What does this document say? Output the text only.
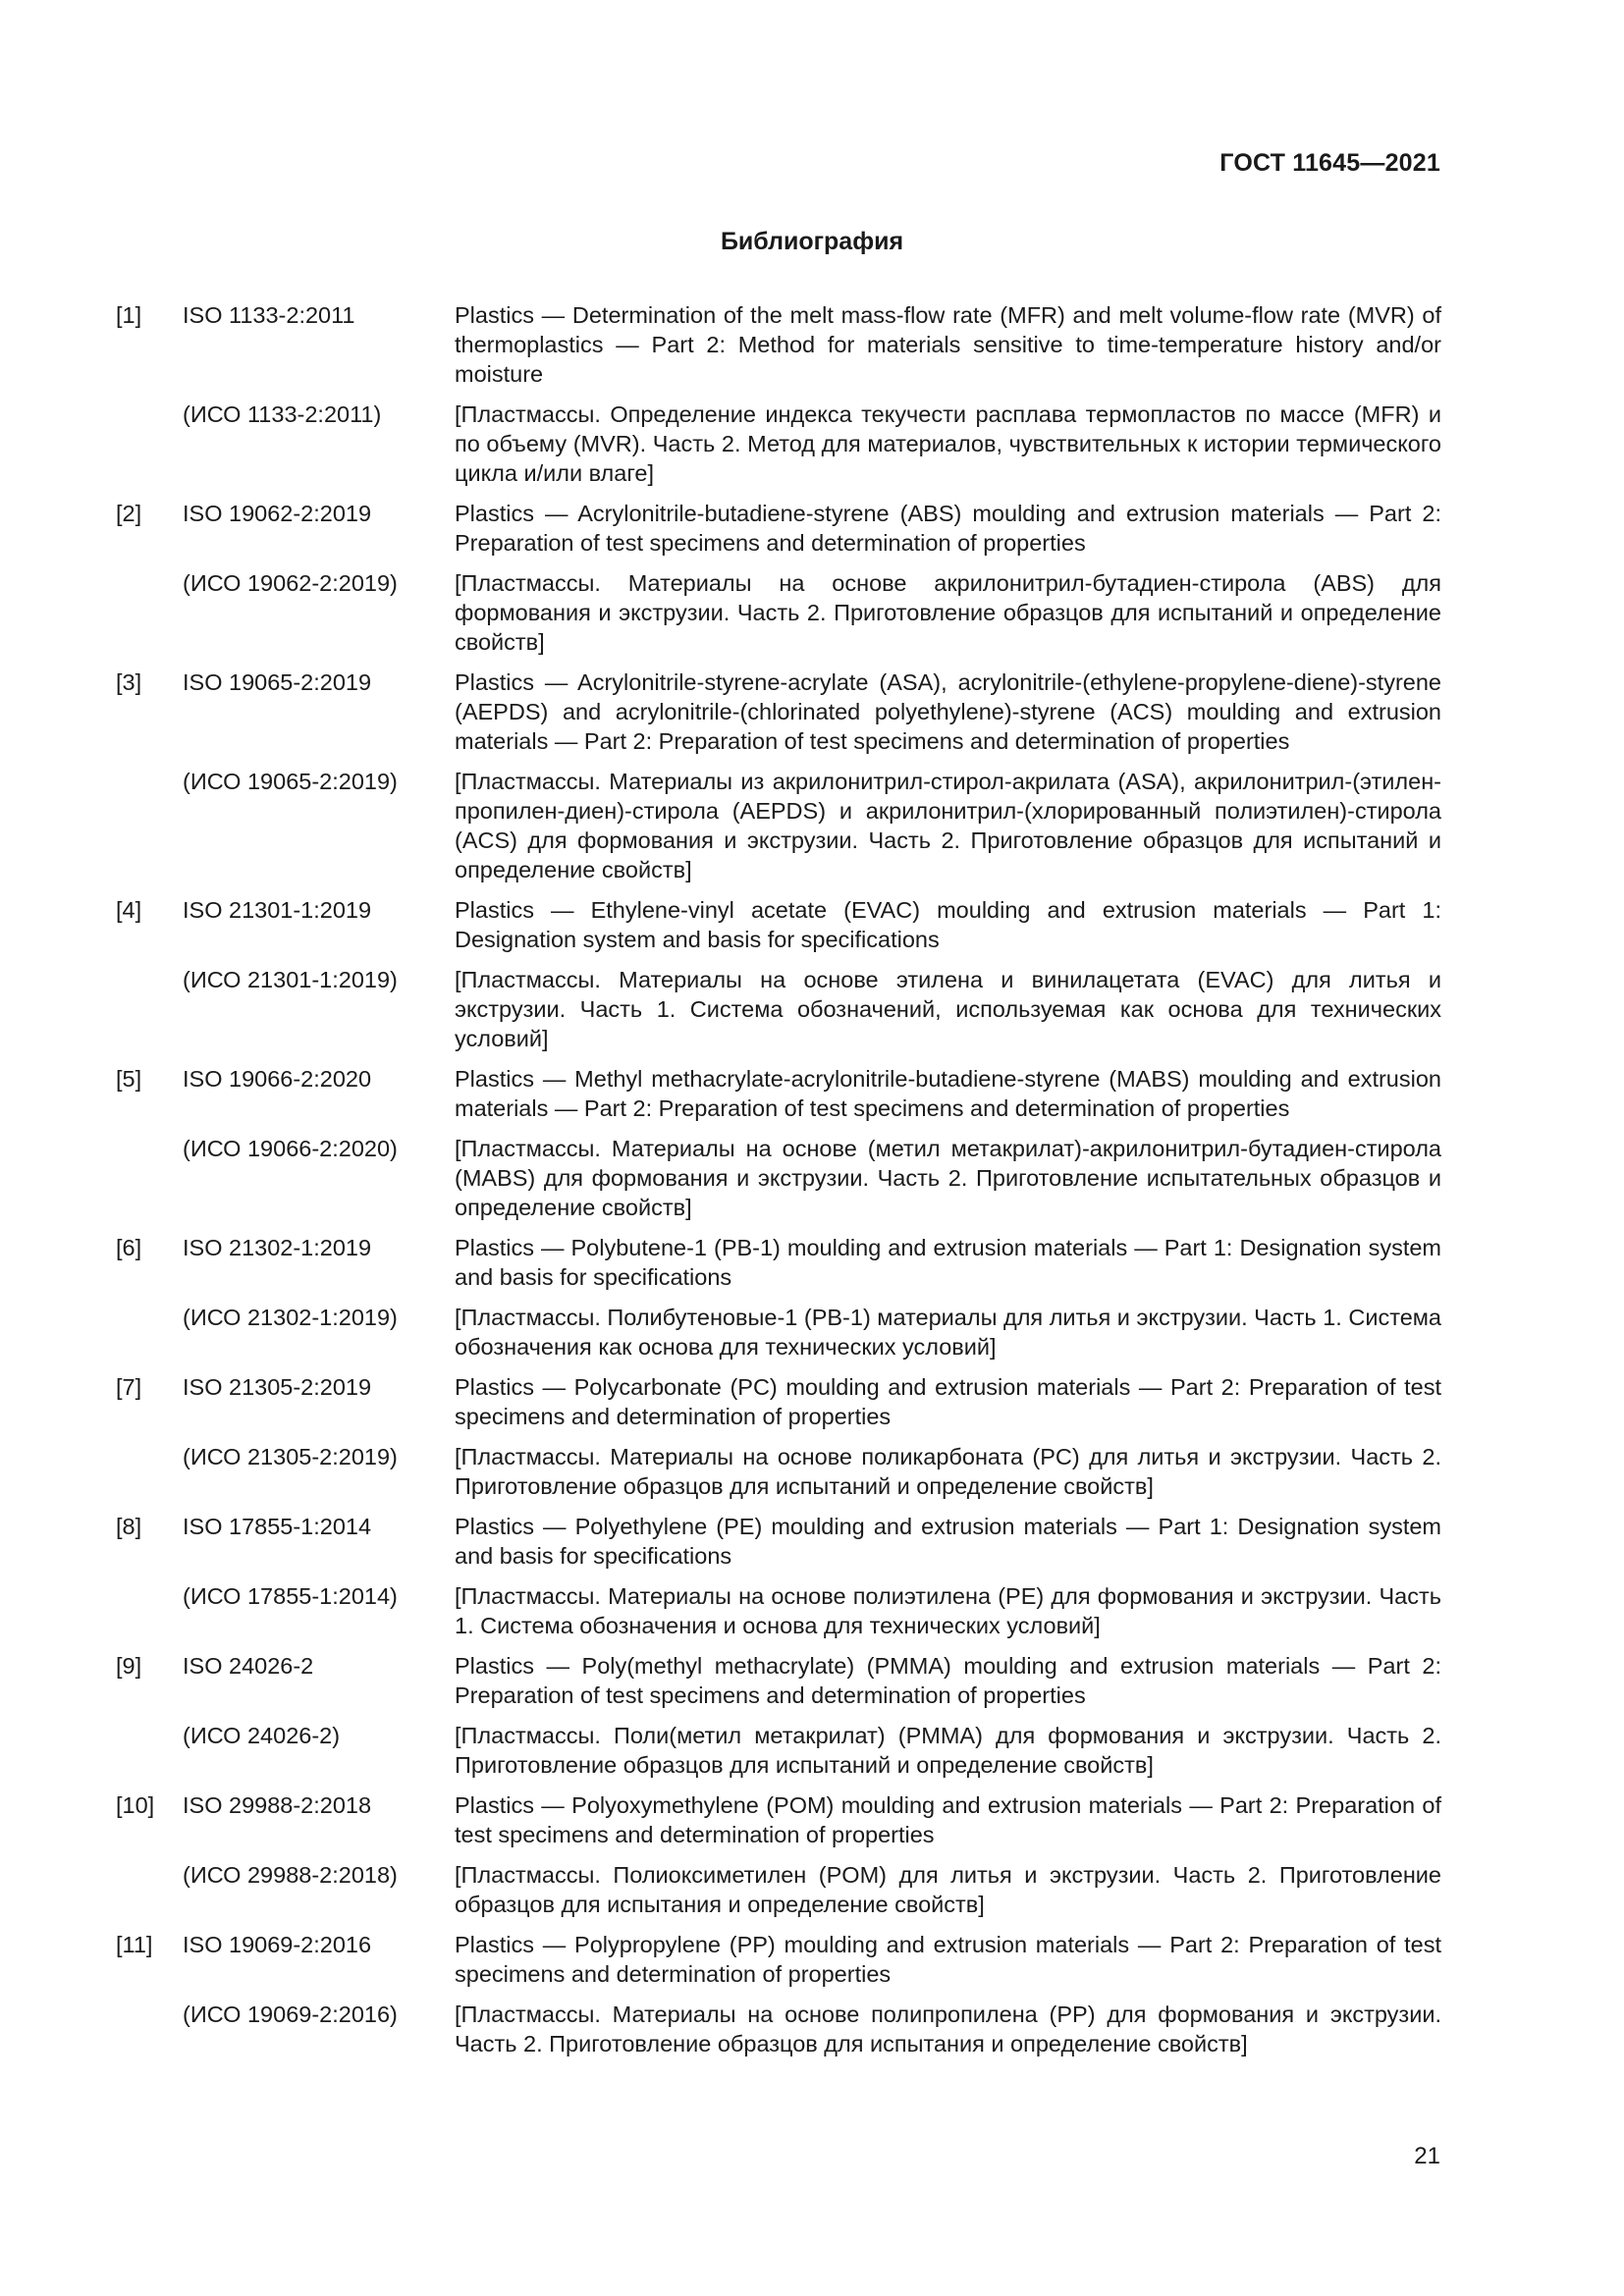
ГОСТ 11645—2021
Библиография
[1]	ISO 1133-2:2011	Plastics — Determination of the melt mass-flow rate (MFR) and melt volume-flow rate (MVR) of thermoplastics — Part 2: Method for materials sensitive to time-temperature history and/or moisture
(ИСО 1133-2:2011)	[Пластмассы. Определение индекса текучести расплава термопластов по массе (MFR) и по объему (MVR). Часть 2. Метод для материалов, чувствительных к истории термического цикла и/или влаге]
[2]	ISO 19062-2:2019	Plastics — Acrylonitrile-butadiene-styrene (ABS) moulding and extrusion materials — Part 2: Preparation of test specimens and determination of properties
(ИСО 19062-2:2019)	[Пластмассы. Материалы на основе акрилонитрил-бутадиен-стирола (ABS) для формования и экструзии. Часть 2. Приготовление образцов для испытаний и определение свойств]
[3]	ISO 19065-2:2019	Plastics — Acrylonitrile-styrene-acrylate (ASA), acrylonitrile-(ethylene-propylene-diene)-styrene (AEPDS) and acrylonitrile-(chlorinated polyethylene)-styrene (ACS) moulding and extrusion materials — Part 2: Preparation of test specimens and determination of properties
(ИСО 19065-2:2019)	[Пластмассы. Материалы из акрилонитрил-стирол-акрилата (ASA), акрилонитрил-(этилен-пропилен-диен)-стирола (AEPDS) и акрилонитрил-(хлорированный полиэтилен)-стирола (ACS) для формования и экструзии. Часть 2. Приготовление образцов для испытаний и определение свойств]
[4]	ISO 21301-1:2019	Plastics — Ethylene-vinyl acetate (EVAC) moulding and extrusion materials — Part 1: Designation system and basis for specifications
(ИСО 21301-1:2019)	[Пластмассы. Материалы на основе этилена и винилацетата (EVAC) для литья и экструзии. Часть 1. Система обозначений, используемая как основа для технических условий]
[5]	ISO 19066-2:2020	Plastics — Methyl methacrylate-acrylonitrile-butadiene-styrene (MABS) moulding and extrusion materials — Part 2: Preparation of test specimens and determination of properties
(ИСО 19066-2:2020)	[Пластмассы. Материалы на основе (метил метакрилат)-акрилонитрил-бутадиен-стирола (MABS) для формования и экструзии. Часть 2. Приготовление испытательных образцов и определение свойств]
[6]	ISO 21302-1:2019	Plastics — Polybutene-1 (PB-1) moulding and extrusion materials — Part 1: Designation system and basis for specifications
(ИСО 21302-1:2019)	[Пластмассы. Полибутеновые-1 (PB-1) материалы для литья и экструзии. Часть 1. Система обозначения как основа для технических условий]
[7]	ISO 21305-2:2019	Plastics — Polycarbonate (PC) moulding and extrusion materials — Part 2: Preparation of test specimens and determination of properties
(ИСО 21305-2:2019)	[Пластмассы. Материалы на основе поликарбоната (PC) для литья и экструзии. Часть 2. Приготовление образцов для испытаний и определение свойств]
[8]	ISO 17855-1:2014	Plastics — Polyethylene (PE) moulding and extrusion materials — Part 1: Designation system and basis for specifications
(ИСО 17855-1:2014)	[Пластмассы. Материалы на основе полиэтилена (PE) для формования и экструзии. Часть 1. Система обозначения и основа для технических условий]
[9]	ISO 24026-2	Plastics — Poly(methyl methacrylate) (PMMA) moulding and extrusion materials — Part 2: Preparation of test specimens and determination of properties
(ИСО 24026-2)	[Пластмассы. Поли(метил метакрилат) (PMMA) для формования и экструзии. Часть 2. Приготовление образцов для испытаний и определение свойств]
[10]	ISO 29988-2:2018	Plastics — Polyoxymethylene (POM) moulding and extrusion materials — Part 2: Preparation of test specimens and determination of properties
(ИСО 29988-2:2018)	[Пластмассы. Полиоксиметилен (POM) для литья и экструзии. Часть 2. Приготовление образцов для испытания и определение свойств]
[11]	ISO 19069-2:2016	Plastics — Polypropylene (PP) moulding and extrusion materials — Part 2: Preparation of test specimens and determination of properties
(ИСО 19069-2:2016)	[Пластмассы. Материалы на основе полипропилена (PP) для формования и экструзии. Часть 2. Приготовление образцов для испытания и определение свойств]
21
